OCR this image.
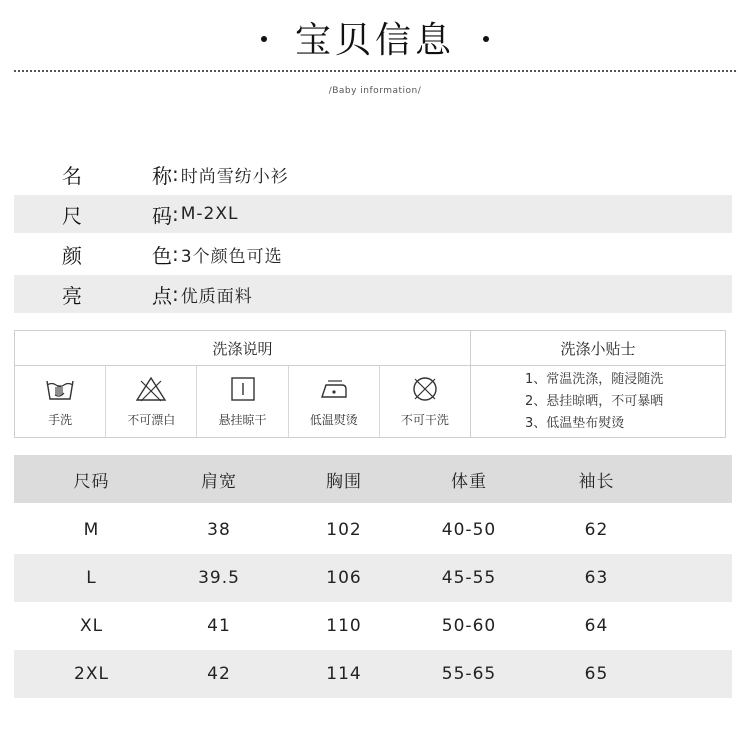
宝贝信息
/Baby information/
名	称 : 时尚雪纺小衫
尺	码 : M-2XL
颜	色 : 3个颜色可选
亮	点 : 优质面料
洗涤说明
手洗	不可漂白	悬挂晾干	低温熨烫	不可干洗
洗涤小贴士
1、常温洗涤，随浸随洗
2、悬挂晾晒，不可暴晒
3、低温垫布熨烫
尺码	肩宽	胸围	体重	袖长
M	38	102	40-50	62
L	39.5	106	45-55	63
XL	41	110	50-60	64
2XL	42	114	55-65	65
